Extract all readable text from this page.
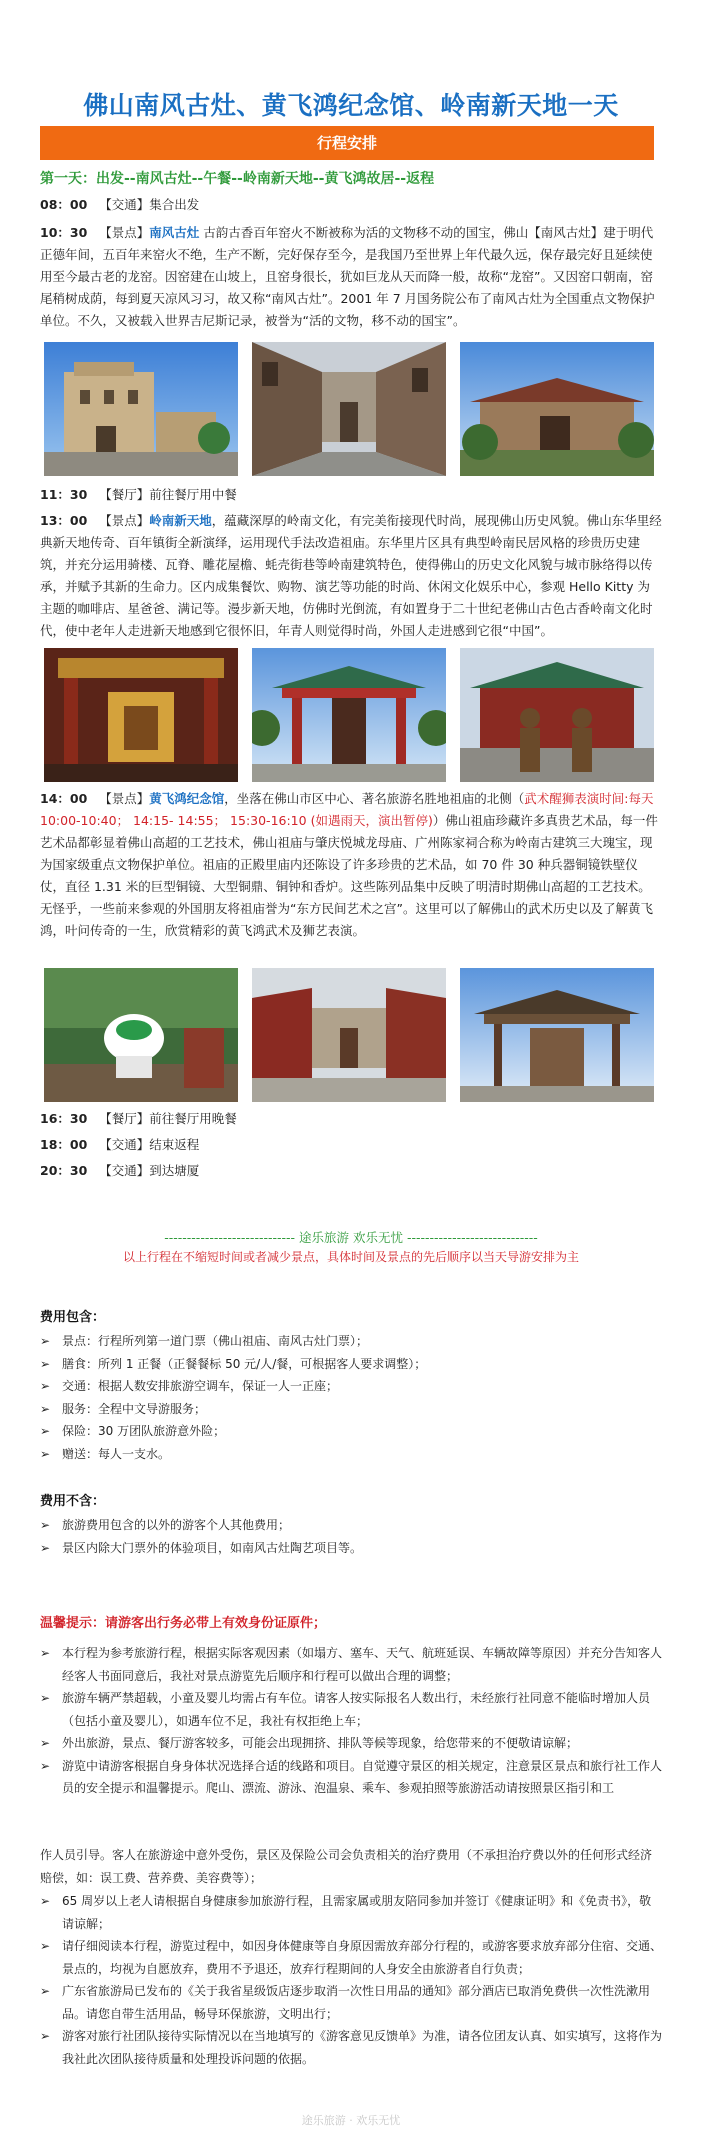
佛山南风古灶、黄飞鸿纪念馆、岭南新天地一天
行程安排
第一天：出发--南风古灶--午餐--岭南新天地--黄飞鸿故居--返程
08：00 【交通】集合出发
10：30 【景点】南风古灶 古韵古香百年窑火不断被称为活的文物移不动的国宝，佛山【南风古灶】建于明代正德年间，五百年来窑火不绝，生产不断，完好保存至今，是我国乃至世界上年代最久远，保存最完好且延续使用至今最古老的龙窑。因窑建在山坡上，且窑身很长，犹如巨龙从天而降一般，故称“龙窑”。又因窑口朝南，窑尾稍树成荫，每到夏天凉风习习，故又称“南风古灶”。2001 年 7 月国务院公布了南风古灶为全国重点文物保护单位。不久，又被载入世界吉尼斯记录，被誉为“活的文物，移不动的国宝”。
11：30 【餐厅】前往餐厅用中餐
13：00 【景点】岭南新天地，蕴藏深厚的岭南文化，有完美衔接现代时尚，展现佛山历史风貌。佛山东华里经典新天地传奇、百年镇街全新演绎，运用现代手法改造祖庙。东华里片区具有典型岭南民居风格的珍贵历史建筑，并充分运用骑楼、瓦脊、雕花屋檐、蚝壳街巷等岭南建筑特色，使得佛山的历史文化风貌与城市脉络得以传承，并赋予其新的生命力。区内成集餐饮、购物、演艺等功能的时尚、休闲文化娱乐中心，参观 Hello Kitty 为主题的咖啡店、星爸爸、满记等。漫步新天地，仿佛时光倒流，有如置身于二十世纪老佛山古色古香岭南文化时代，使中老年人走进新天地感到它很怀旧，年青人则觉得时尚，外国人走进感到它很“中国”。
14：00 【景点】黄飞鸿纪念馆，坐落在佛山市区中心、著名旅游名胜地祖庙的北侧（武术醒狮表演时间:每天 10:00-10:40； 14:15- 14:55； 15:30-16:10 (如遇雨天，演出暂停)）佛山祖庙珍藏许多真贵艺术品，每一件艺术品都彰显着佛山高超的工艺技术，佛山祖庙与肇庆悦城龙母庙、广州陈家祠合称为岭南古建筑三大瑰宝，现为国家级重点文物保护单位。祖庙的正殿里庙内还陈设了许多珍贵的艺术品，如 70 件 30 种兵器铜镜铁壁仪仗，直径 1.31 米的巨型铜镜、大型铜鼎、铜钟和香炉。这些陈列品集中反映了明清时期佛山高超的工艺技术。无怪乎，一些前来参观的外国朋友将祖庙誉为“东方民间艺术之宫”。这里可以了解佛山的武术历史以及了解黄飞鸿，叶问传奇的一生，欣赏精彩的黄飞鸿武术及狮艺表演。
16：30 【餐厅】前往餐厅用晚餐
18：00 【交通】结束返程
20：30 【交通】到达塘厦
----------------------------- 途乐旅游 欢乐无忧 -----------------------------
以上行程在不缩短时间或者减少景点，具体时间及景点的先后顺序以当天导游安排为主
费用包含：
➢ 景点：行程所列第一道门票（佛山祖庙、南风古灶门票）；
➢ 膳食：所列 1 正餐（正餐餐标 50 元/人/餐，可根据客人要求调整）；
➢ 交通：根据人数安排旅游空调车，保证一人一正座；
➢ 服务：全程中文导游服务；
➢ 保险：30 万团队旅游意外险；
➢ 赠送：每人一支水。
费用不含：
➢ 旅游费用包含的以外的游客个人其他费用；
➢ 景区内除大门票外的体验项目，如南风古灶陶艺项目等。
温馨提示：请游客出行务必带上有效身份证原件；
➢ 本行程为参考旅游行程，根据实际客观因素（如塌方、塞车、天气、航班延误、车辆故障等原因）并充分告知客人经客人书面同意后，我社对景点游览先后顺序和行程可以做出合理的调整；
➢ 旅游车辆严禁超载，小童及婴儿均需占有车位。请客人按实际报名人数出行，未经旅行社同意不能临时增加人员（包括小童及婴儿），如遇车位不足，我社有权拒绝上车；
➢ 外出旅游，景点、餐厅游客较多，可能会出现拥挤、排队等候等现象，给您带来的不便敬请谅解；
➢ 游览中请游客根据自身身体状况选择合适的线路和项目。自觉遵守景区的相关规定，注意景区景点和旅行社工作人员的安全提示和温馨提示。爬山、漂流、游泳、泡温泉、乘车、参观拍照等旅游活动请按照景区指引和工
作人员引导。客人在旅游途中意外受伤，景区及保险公司会负责相关的治疗费用（不承担治疗费以外的任何形式经济赔偿，如：误工费、营养费、美容费等）；
➢ 65 周岁以上老人请根据自身健康参加旅游行程，且需家属或朋友陪同参加并签订《健康证明》和《免责书》，敬请谅解；
➢ 请仔细阅读本行程，游览过程中，如因身体健康等自身原因需放弃部分行程的，或游客要求放弃部分住宿、交通、景点的，均视为自愿放弃，费用不予退还，放弃行程期间的人身安全由旅游者自行负责；
➢ 广东省旅游局已发布的《关于我省星级饭店逐步取消一次性日用品的通知》部分酒店已取消免费供一次性洗漱用品。请您自带生活用品，畅导环保旅游，文明出行；
➢ 游客对旅行社团队接待实际情况以在当地填写的《游客意见反馈单》为准，请各位团友认真、如实填写，这将作为我社此次团队接待质量和处理投诉问题的依据。
途乐旅游 · 欢乐无忧
